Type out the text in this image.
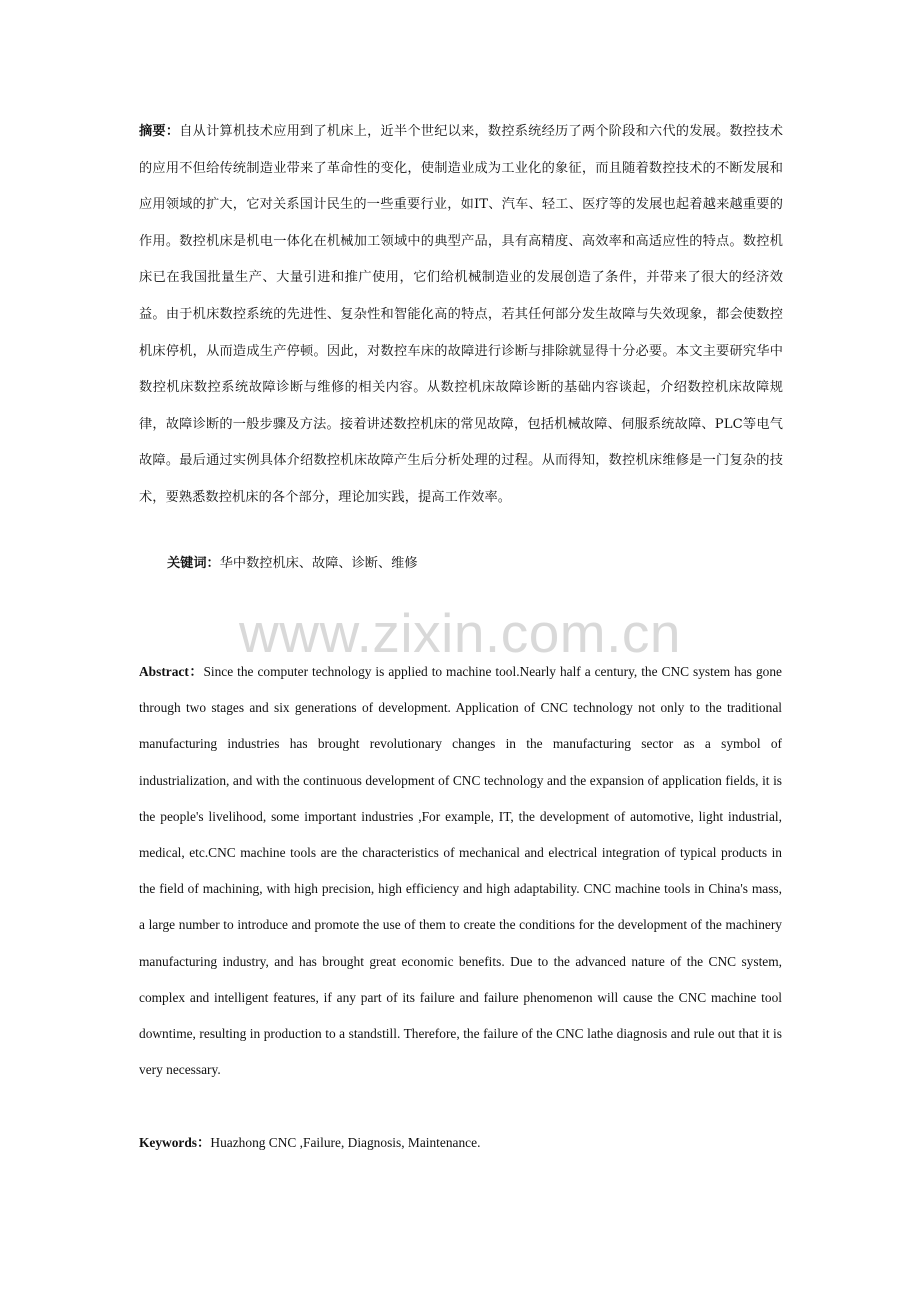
摘要：自从计算机技术应用到了机床上，近半个世纪以来，数控系统经历了两个阶段和六代的发展。数控技术的应用不但给传统制造业带来了革命性的变化，使制造业成为工业化的象征，而且随着数控技术的不断发展和应用领域的扩大，它对关系国计民生的一些重要行业，如IT、汽车、轻工、医疗等的发展也起着越来越重要的作用。数控机床是机电一体化在机械加工领域中的典型产品，具有高精度、高效率和高适应性的特点。数控机床已在我国批量生产、大量引进和推广使用，它们给机械制造业的发展创造了条件，并带来了很大的经济效益。由于机床数控系统的先进性、复杂性和智能化高的特点，若其任何部分发生故障与失效现象，都会使数控机床停机，从而造成生产停顿。因此，对数控车床的故障进行诊断与排除就显得十分必要。本文主要研究华中数控机床数控系统故障诊断与维修的相关内容。从数控机床故障诊断的基础内容谈起，介绍数控机床故障规律，故障诊断的一般步骤及方法。接着讲述数控机床的常见故障，包括机械故障、伺服系统故障、PLC等电气故障。最后通过实例具体介绍数控机床故障产生后分析处理的过程。从而得知，数控机床维修是一门复杂的技术，要熟悉数控机床的各个部分，理论加实践，提高工作效率。

关键词：华中数控机床、故障、诊断、维修

www.zixin.com.cn

Abstract：Since the computer technology is applied to machine tool.Nearly half a century, the CNC system has gone through two stages and six generations of development. Application of CNC technology not only to the traditional manufacturing industries has brought revolutionary changes in the manufacturing sector as a symbol of industrialization, and with the continuous development of CNC technology and the expansion of application fields, it is the people's livelihood, some important industries ,For example, IT, the development of automotive, light industrial, medical, etc.CNC machine tools are the characteristics of mechanical and electrical integration of typical products in the field of machining, with high precision, high efficiency and high adaptability. CNC machine tools in China's mass, a large number to introduce and promote the use of them to create the conditions for the development of the machinery manufacturing industry, and has brought great economic benefits. Due to the advanced nature of the CNC system, complex and intelligent features, if any part of its failure and failure phenomenon will cause the CNC machine tool downtime, resulting in production to a standstill. Therefore, the failure of the CNC lathe diagnosis and rule out that it is very necessary.

Keywords：Huazhong CNC ,Failure, Diagnosis, Maintenance.
